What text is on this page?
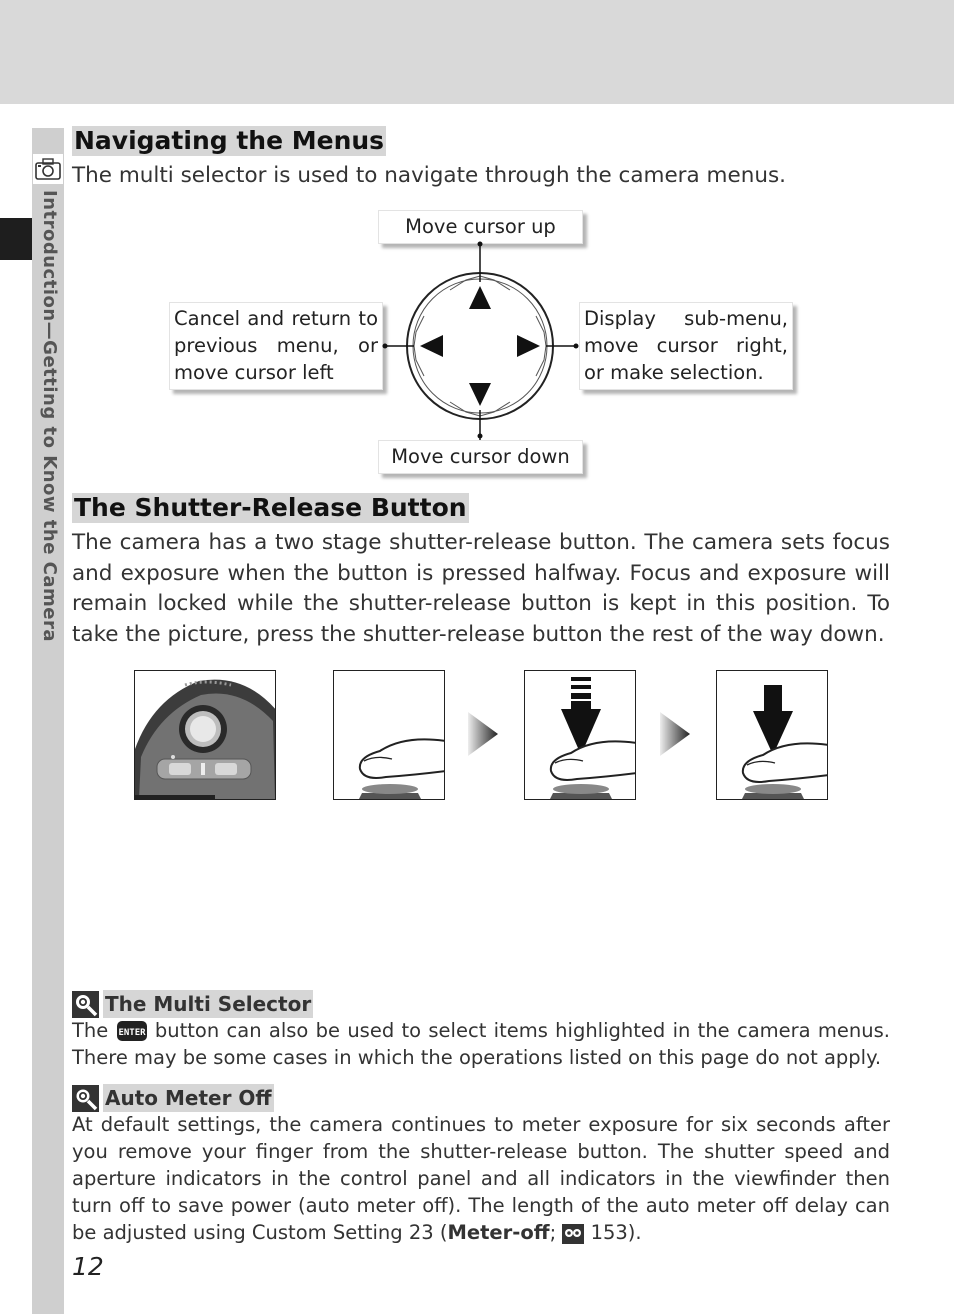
Introduction—Getting to Know the Camera
Navigating the Menus

The multi selector is used to navigate through the camera menus.

Move cursor up
Move cursor down
Cancel and return to previous menu, or move cursor left
Display sub-menu, move cursor right, or make selection.
The Shutter-Release Button

The camera has a two stage shutter-release button. The camera sets focus and exposure when the button is pressed halfway. Focus and exposure will remain locked while the shutter-release button is kept in this position. To take the picture, press the shutter-release button the rest of the way down.

The Multi Selector

The ENTER button can also be used to select items highlighted in the camera menus. There may be some cases in which the operations listed on this page do not apply.

Auto Meter Off

At default settings, the camera continues to meter exposure for six seconds after you remove your finger from the shutter-release button. The shutter speed and aperture indicators in the control panel and all indicators in the viewfinder then turn off to save power (auto meter off). The length of the auto meter off delay can be adjusted using Custom Setting 23 (Meter-off; 153).

12
